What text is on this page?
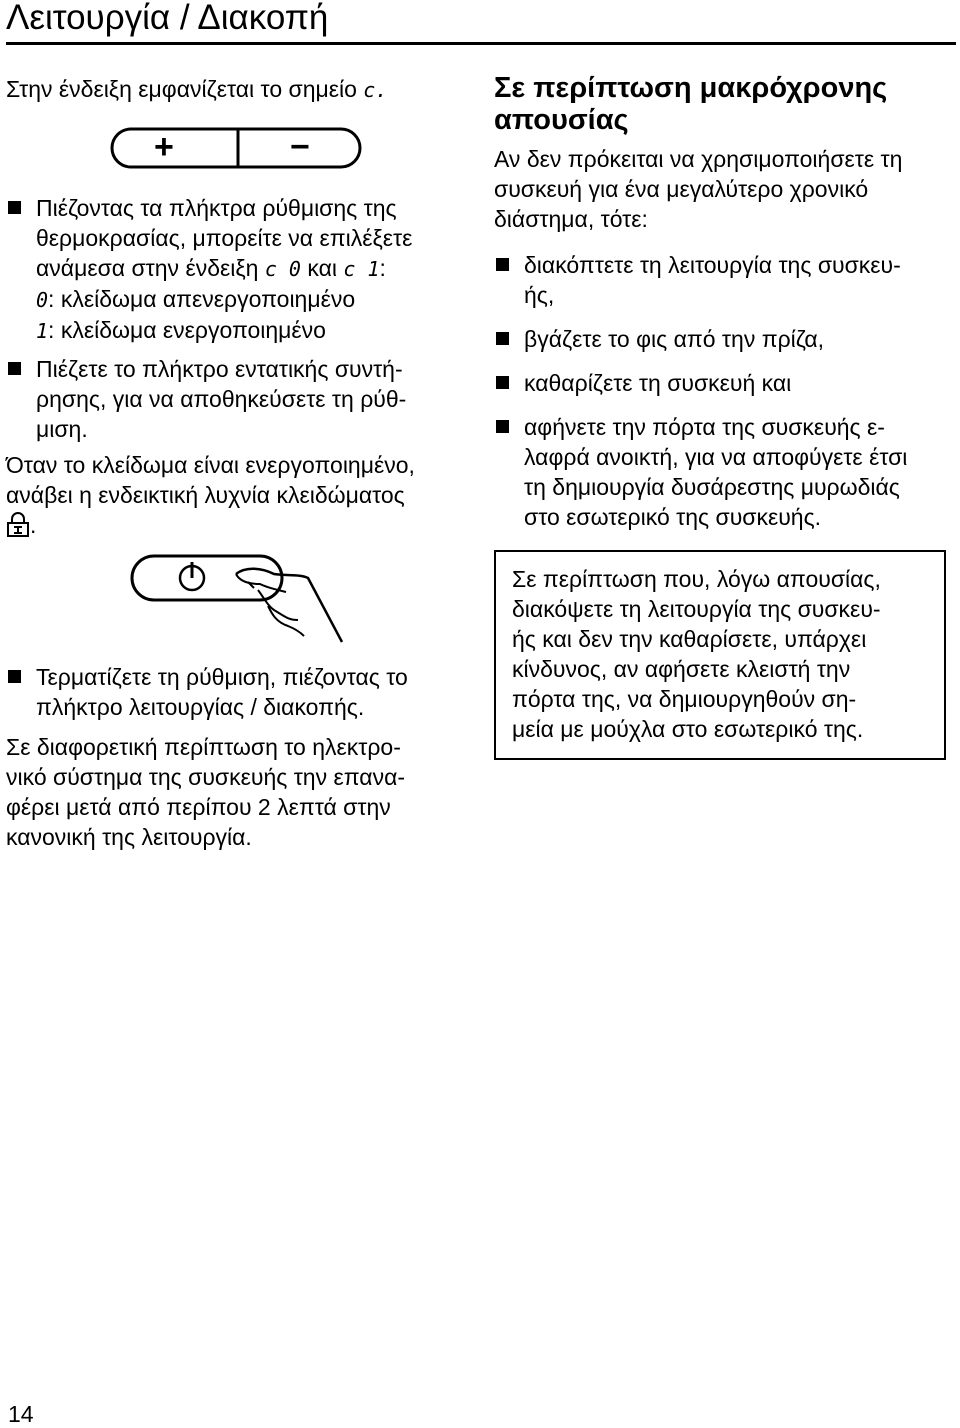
Λειτουργία / Διακοπή

Στην ένδειξη εμφανίζεται το σημείο c.

+	−
Πιέζοντας τα πλήκτρα ρύθμισης της
θερμοκρασίας, μπορείτε να επιλέξετε
ανάμεσα στην ένδειξη c 0 και c 1:
0: κλείδωμα απενεργοποιημένο
1: κλείδωμα ενεργοποιημένο
Πιέζετε το πλήκτρο εντατικής συντή-
ρησης, για να αποθηκεύσετε τη ρύθ-
μιση.
Όταν το κλείδωμα είναι ενεργοποιημένο,
ανάβει η ενδεικτική λυχνία κλειδώματος
.
Τερματίζετε τη ρύθμιση, πιέζοντας το
πλήκτρο λειτουργίας / διακοπής.
Σε διαφορετική περίπτωση το ηλεκτρο-
νικό σύστημα της συσκευής την επανα-
φέρει μετά από περίπου 2 λεπτά στην
κανονική της λειτουργία.
Σε περίπτωση μακρόχρονης
απουσίας
Αν δεν πρόκειται να χρησιμοποιήσετε τη
συσκευή για ένα μεγαλύτερο χρονικό
διάστημα, τότε:
διακόπτετε τη λειτουργία της συσκευ-
ής,
βγάζετε το φις από την πρίζα,
καθαρίζετε τη συσκευή και
αφήνετε την πόρτα της συσκευής ε-
λαφρά ανοικτή, για να αποφύγετε έτσι
τη δημιουργία δυσάρεστης μυρωδιάς
στο εσωτερικό της συσκευής.
Σε περίπτωση που, λόγω απουσίας,
διακόψετε τη λειτουργία της συσκευ-
ής και δεν την καθαρίσετε, υπάρχει
κίνδυνος, αν αφήσετε κλειστή την
πόρτα της, να δημιουργηθούν ση-
μεία με μούχλα στο εσωτερικό της.
14
